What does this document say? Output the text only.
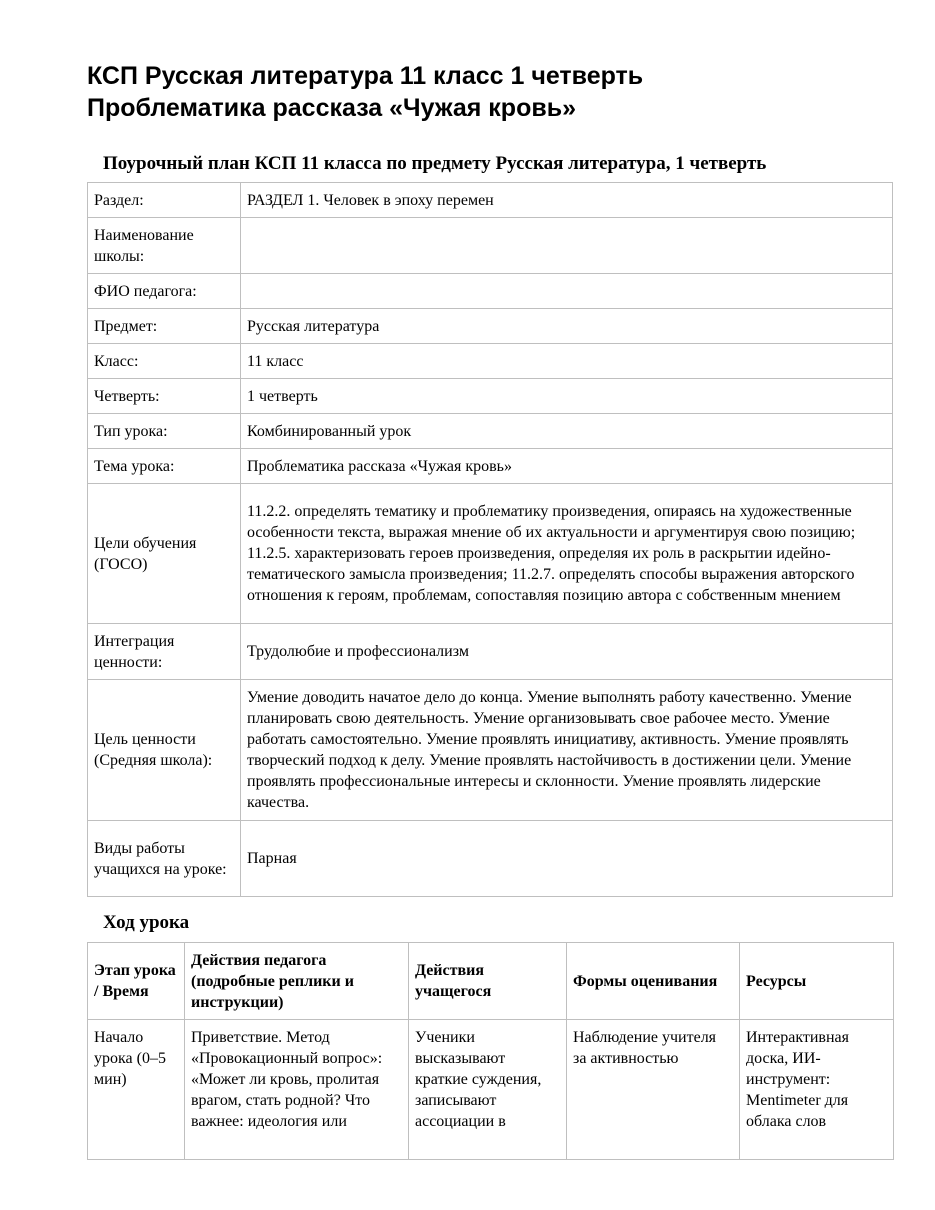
КСП Русская литература 11 класс 1 четверть
Проблематика рассказа «Чужая кровь»
Поурочный план КСП 11 класса по предмету Русская литература, 1 четверть
Раздел:	РАЗДЕЛ 1. Человек в эпоху перемен
Наименование школы:	
ФИО педагога:	
Предмет:	Русская литература
Класс:	11 класс
Четверть:	1 четверть
Тип урока:	Комбинированный урок
Тема урока:	Проблематика рассказа «Чужая кровь»
Цели обучения (ГОСО)	11.2.2. определять тематику и проблематику произведения, опираясь на художественные особенности текста, выражая мнение об их актуальности и аргументируя свою позицию; 11.2.5. характеризовать героев произведения, определяя их роль в раскрытии идейно-тематического замысла произведения; 11.2.7. определять способы выражения авторского отношения к героям, проблемам, сопоставляя позицию автора с собственным мнением
Интеграция ценности:	Трудолюбие и профессионализм
Цель ценности (Средняя школа):	Умение доводить начатое дело до конца. Умение выполнять работу качественно. Умение планировать свою деятельность. Умение организовывать свое рабочее место. Умение работать самостоятельно. Умение проявлять инициативу, активность. Умение проявлять творческий подход к делу. Умение проявлять настойчивость в достижении цели. Умение проявлять профессиональные интересы и склонности. Умение проявлять лидерские качества.
Виды работы учащихся на уроке:	Парная
Ход урока
Этап урока / Время	Действия педагога (подробные реплики и инструкции)	Действия учащегося	Формы оценивания	Ресурсы
Начало урока (0–5 мин)	Приветствие. Метод «Провокационный вопрос»: «Может ли кровь, пролитая врагом, стать родной? Что важнее: идеология или	Ученики высказывают краткие суждения, записывают ассоциации в	Наблюдение учителя за активностью	Интерактивная доска, ИИ-инструмент: Mentimeter для облака слов
